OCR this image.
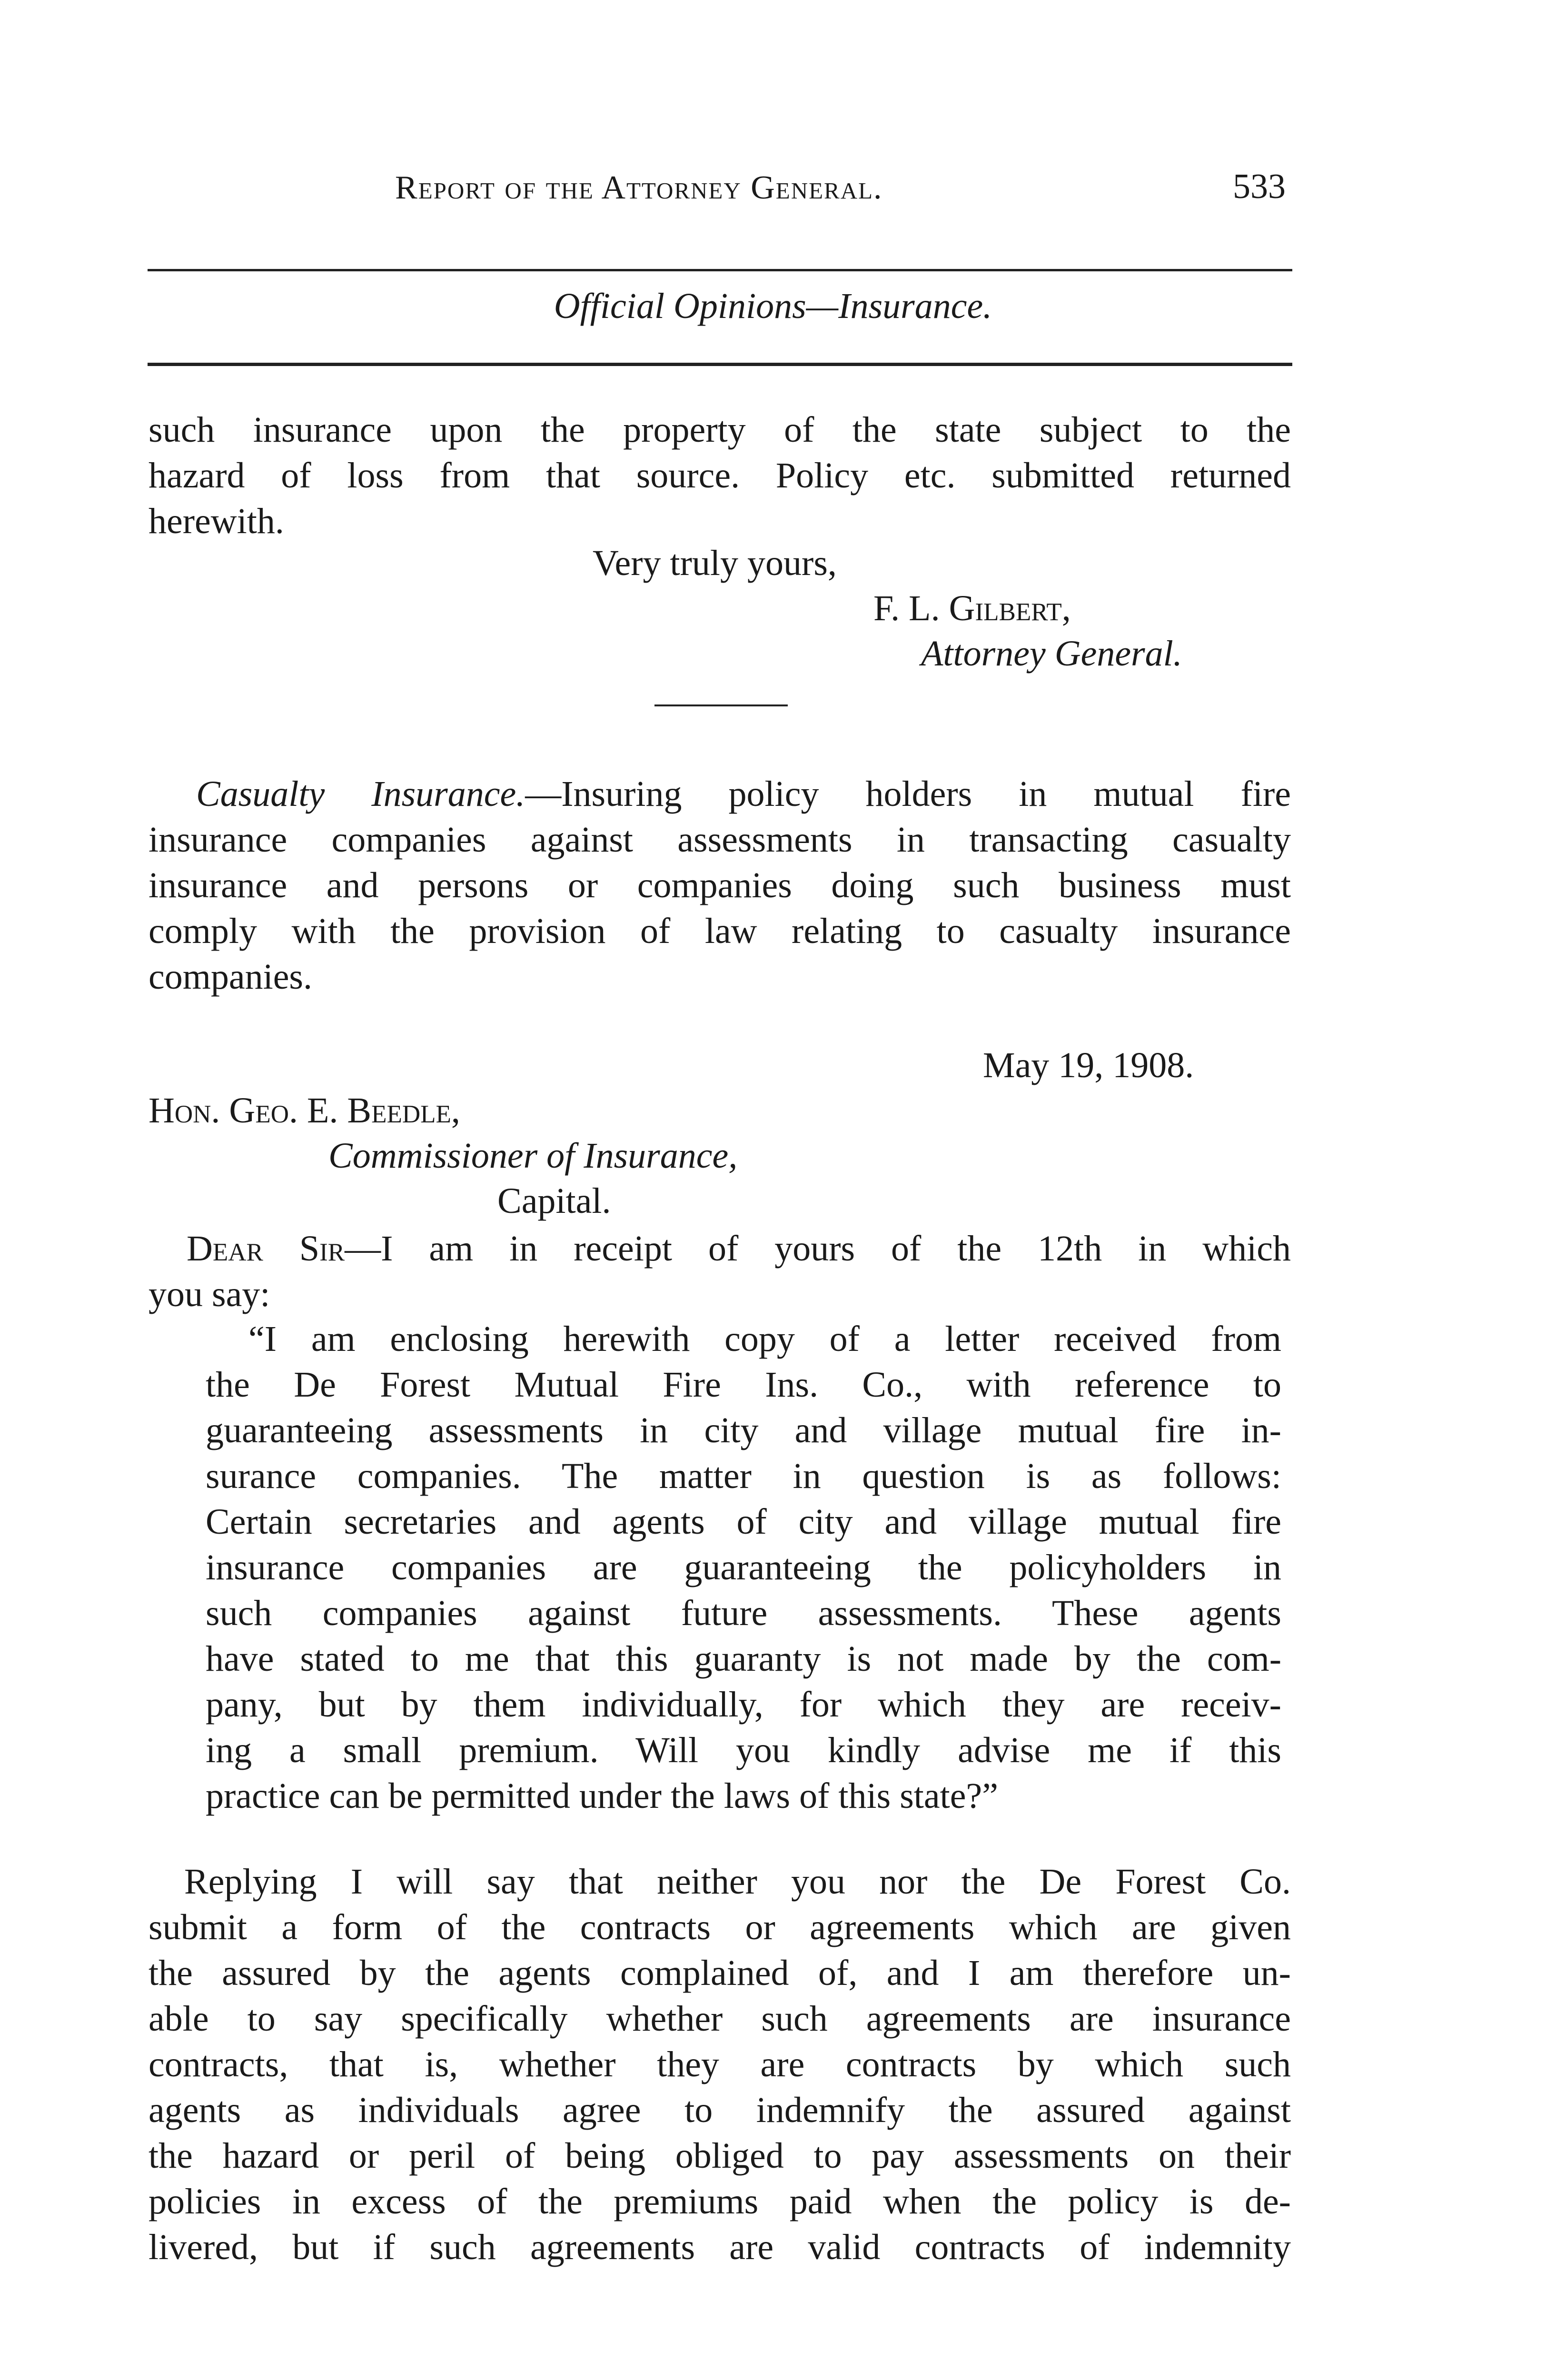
Report of the Attorney General.	533
Official Opinions—Insurance.
such insurance upon the property of the state subject to the
hazard of loss from that source. Policy etc. submitted returned
herewith.
Very truly yours,
F. L. Gilbert,
Attorney General.
Casualty Insurance.—Insuring policy holders in mutual fire
insurance companies against assessments in transacting casualty
insurance and persons or companies doing such business must
comply with the provision of law relating to casualty insurance
companies.
May 19, 1908.
Hon. Geo. E. Beedle,
Commissioner of Insurance,
Capital.
Dear Sir—I am in receipt of yours of the 12th in which
you say:
“I am enclosing herewith copy of a letter received from
the De Forest Mutual Fire Ins. Co., with reference to
guaranteeing assessments in city and village mutual fire in-
surance companies. The matter in question is as follows:
Certain secretaries and agents of city and village mutual fire
insurance companies are guaranteeing the policyholders in
such companies against future assessments. These agents
have stated to me that this guaranty is not made by the com-
pany, but by them individually, for which they are receiv-
ing a small premium. Will you kindly advise me if this
practice can be permitted under the laws of this state?”
Replying I will say that neither you nor the De Forest Co.
submit a form of the contracts or agreements which are given
the assured by the agents complained of, and I am therefore un-
able to say specifically whether such agreements are insurance
contracts, that is, whether they are contracts by which such
agents as individuals agree to indemnify the assured against
the hazard or peril of being obliged to pay assessments on their
policies in excess of the premiums paid when the policy is de-
livered, but if such agreements are valid contracts of indemnity
